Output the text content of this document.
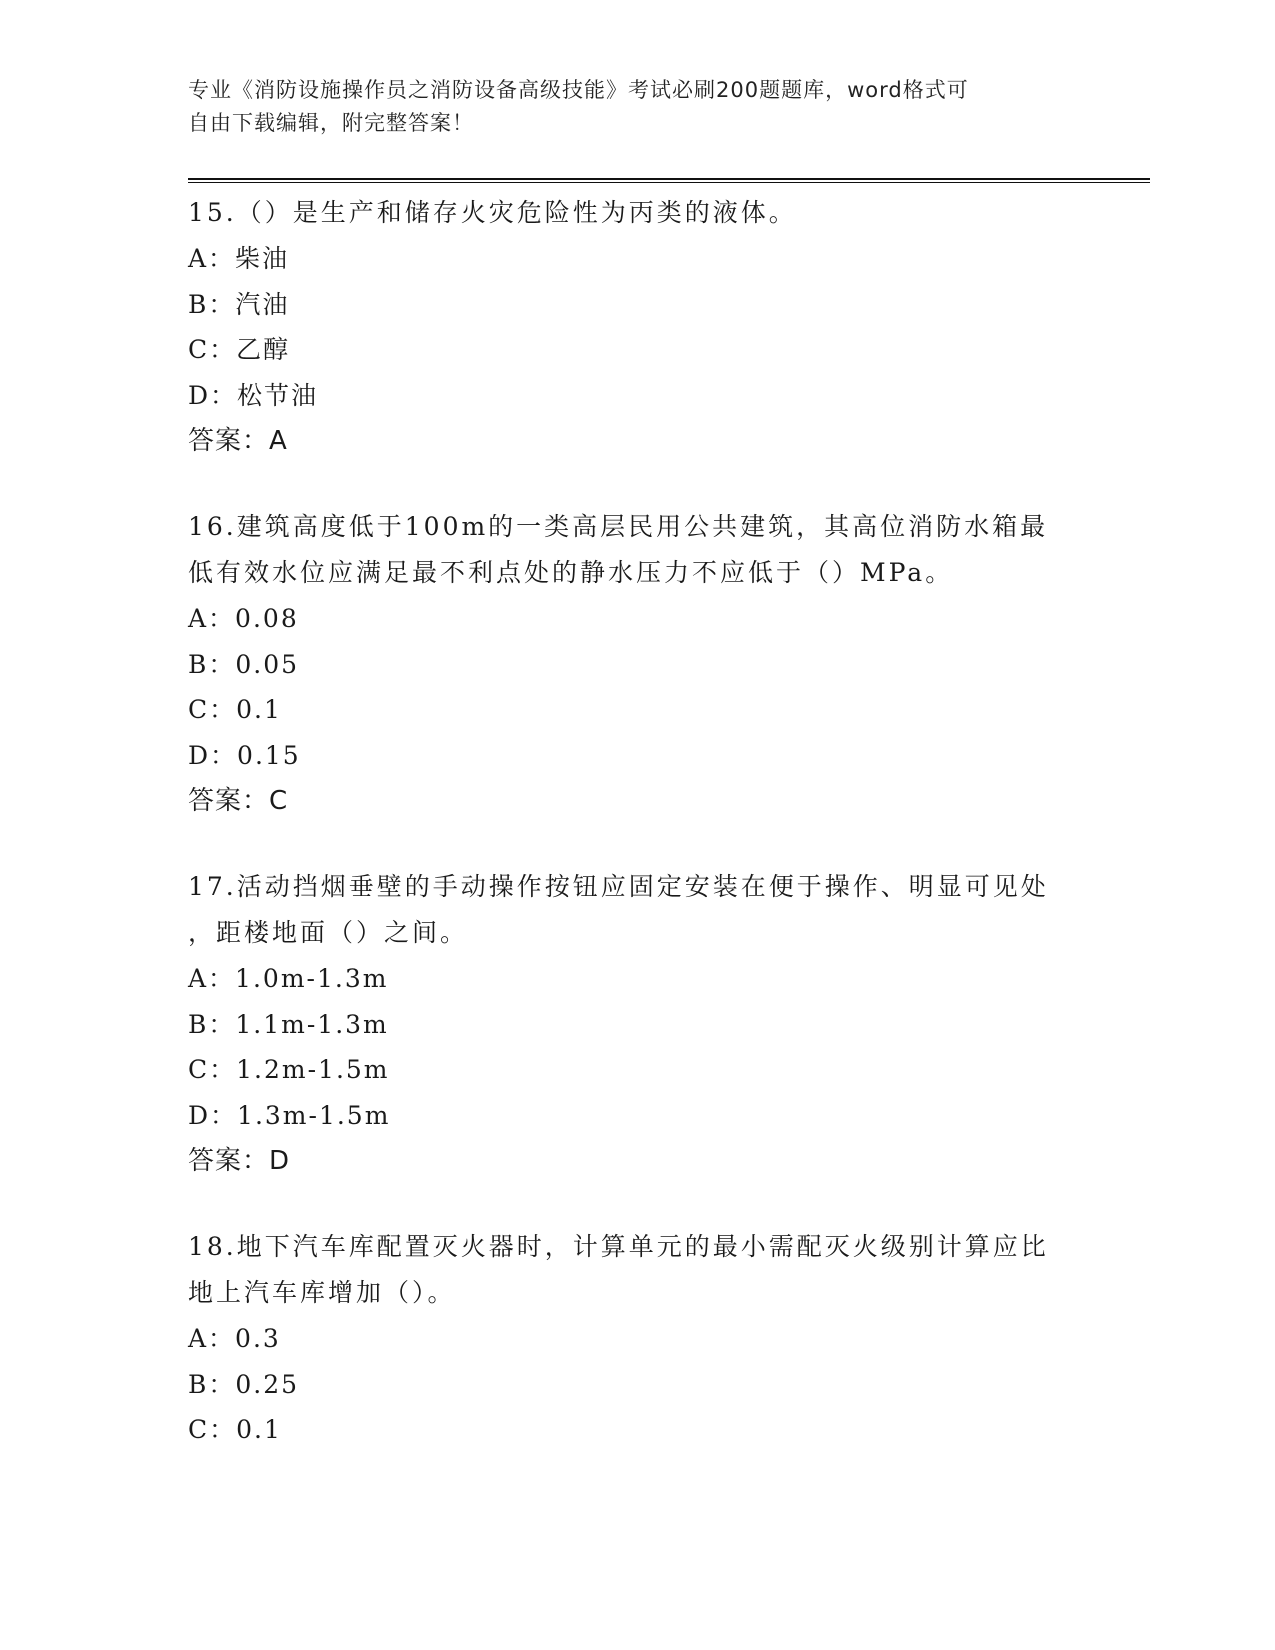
专业《消防设施操作员之消防设备高级技能》考试必刷200题题库，word格式可
自由下载编辑，附完整答案！

15.（）是生产和储存火灾危险性为丙类的液体。

A：柴油

B：汽油

C：乙醇

D：松节油

答案：A

16.建筑高度低于100m的一类高层民用公共建筑，其高位消防水箱最

低有效水位应满足最不利点处的静水压力不应低于（）MPa。

A：0.08

B：0.05

C：0.1

D：0.15

答案：C

17.活动挡烟垂壁的手动操作按钮应固定安装在便于操作、明显可见处

，距楼地面（）之间。

A：1.0m-1.3m

B：1.1m-1.3m

C：1.2m-1.5m

D：1.3m-1.5m

答案：D

18.地下汽车库配置灭火器时，计算单元的最小需配灭火级别计算应比

地上汽车库增加（）。

A：0.3

B：0.25

C：0.1
